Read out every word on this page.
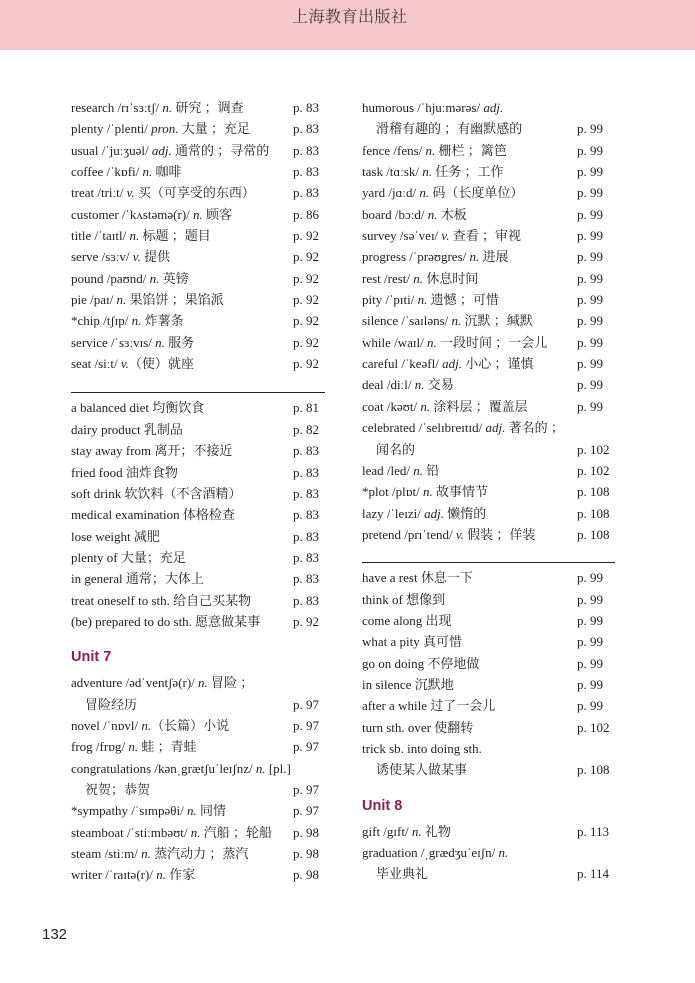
上海教育出版社
research /rɪˈsɜːtʃ/ n. 研究 ；调查	p. 83
plenty /ˈplenti/ pron. 大量 ；充足	p. 83
usual /ˈjuːʒuəl/ adj. 通常的 ；寻常的 p. 83
coffee /ˈkɒfi/ n. 咖啡	p. 83
treat /triːt/ v. 买（可享受的东西）	p. 83
customer /ˈkʌstəmə(r)/ n. 顾客	p. 86
title /ˈtaɪtl/ n. 标题 ；题目	p. 92
serve /sɜːv/ v. 提供	p. 92
pound /paʊnd/ n. 英镑	p. 92
pie /paɪ/ n. 果馅饼 ；果馅派	p. 92
*chip /tʃɪp/ n. 炸薯条	p. 92
service /ˈsɜːvɪs/ n. 服务	p. 92
seat /siːt/ v.（使）就座	p. 92
a balanced diet 均衡饮食	p. 81
dairy product 乳制品	p. 82
stay away from 离开；不接近	p. 83
fried food 油炸食物	p. 83
soft drink 软饮料（不含酒精）	p. 83
medical examination 体格检查	p. 83
lose weight 减肥	p. 83
plenty of 大量；充足	p. 83
in general 通常；大体上	p. 83
treat oneself to sth. 给自己买某物	p. 83
(be) prepared to do sth. 愿意做某事	p. 92
Unit 7
adventure /ədˈventʃə(r)/ n. 冒险 ；
冒险经历	p. 97
novel /ˈnɒvl/ n.（长篇）小说	p. 97
frog /frɒg/ n. 蛙 ；青蛙	p. 97
congratulations /kənˌgrætʃuˈleɪʃnz/ n. [pl.]
祝贺；恭贺	p. 97
*sympathy /ˈsɪmpəθi/ n. 同情	p. 97
steamboat /ˈstiːmbəʊt/ n. 汽船 ；轮船 p. 98
steam /stiːm/ n. 蒸汽动力 ；蒸汽	p. 98
writer /ˈraɪtə(r)/ n. 作家	p. 98
humorous /ˈhjuːmərəs/ adj.
滑稽有趣的 ；有幽默感的	p. 99
fence /fens/ n. 栅栏 ；篱笆	p. 99
task /tɑːsk/ n. 任务 ；工作	p. 99
yard /jɑːd/ n. 码（长度单位）	p. 99
board /bɔːd/ n. 木板	p. 99
survey /səˈveɪ/ v. 查看 ；审视	p. 99
progress /ˈprəʊgres/ n. 进展	p. 99
rest /rest/ n. 休息时间	p. 99
pity /ˈpɪti/ n. 遗憾 ；可惜	p. 99
silence /ˈsaɪləns/ n. 沉默 ；缄默	p. 99
while /waɪl/ n. 一段时间 ；一会儿 p. 99
careful /ˈkeəfl/ adj. 小心 ；谨慎	p. 99
deal /diːl/ n. 交易	p. 99
coat /kəʊt/ n. 涂料层 ；覆盖层	p. 99
celebrated /ˈselɪbreɪtɪd/ adj. 著名的 ；
闻名的	p. 102
lead /led/ n. 铅	p. 102
*plot /plɒt/ n. 故事情节	p. 108
lazy /ˈleɪzi/ adj. 懒惰的	p. 108
pretend /prɪˈtend/ v. 假装 ；佯装	p. 108
have a rest 休息一下	p. 99
think of 想像到	p. 99
come along 出现	p. 99
what a pity 真可惜	p. 99
go on doing 不停地做	p. 99
in silence 沉默地	p. 99
after a while 过了一会儿	p. 99
turn sth. over 使翻转	p. 102
trick sb. into doing sth.
诱使某人做某事	p. 108
Unit 8
gift /gɪft/ n. 礼物	p. 113
graduation /ˌgrædʒuˈeɪʃn/ n.
毕业典礼	p. 114
132
